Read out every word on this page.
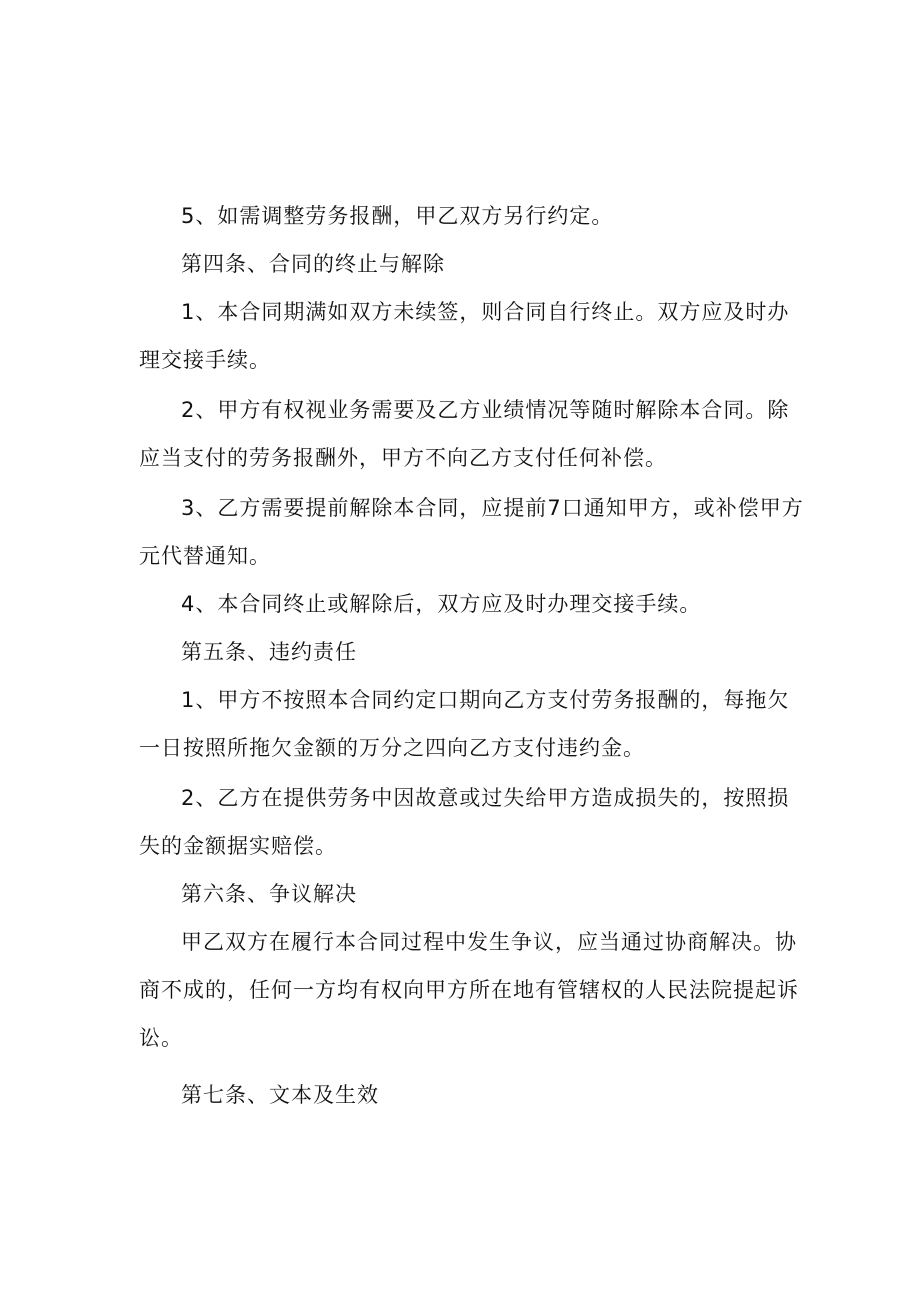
5、如需调整劳务报酬，甲乙双方另行约定。
第四条、合同的终止与解除
1、本合同期满如双方未续签，则合同自行终止。双方应及时办
理交接手续。
2、甲方有权视业务需要及乙方业绩情况等随时解除本合同。除
应当支付的劳务报酬外，甲方不向乙方支付任何补偿。
3、乙方需要提前解除本合同，应提前7口通知甲方，或补偿甲方
元代替通知。
4、本合同终止或解除后，双方应及时办理交接手续。
第五条、违约责任
1、甲方不按照本合同约定口期向乙方支付劳务报酬的，每拖欠
一日按照所拖欠金额的万分之四向乙方支付违约金。
2、乙方在提供劳务中因故意或过失给甲方造成损失的，按照损
失的金额据实赔偿。
第六条、争议解决
甲乙双方在履行本合同过程中发生争议，应当通过协商解决。协
商不成的，任何一方均有权向甲方所在地有管辖权的人民法院提起诉
讼。
第七条、文本及生效
